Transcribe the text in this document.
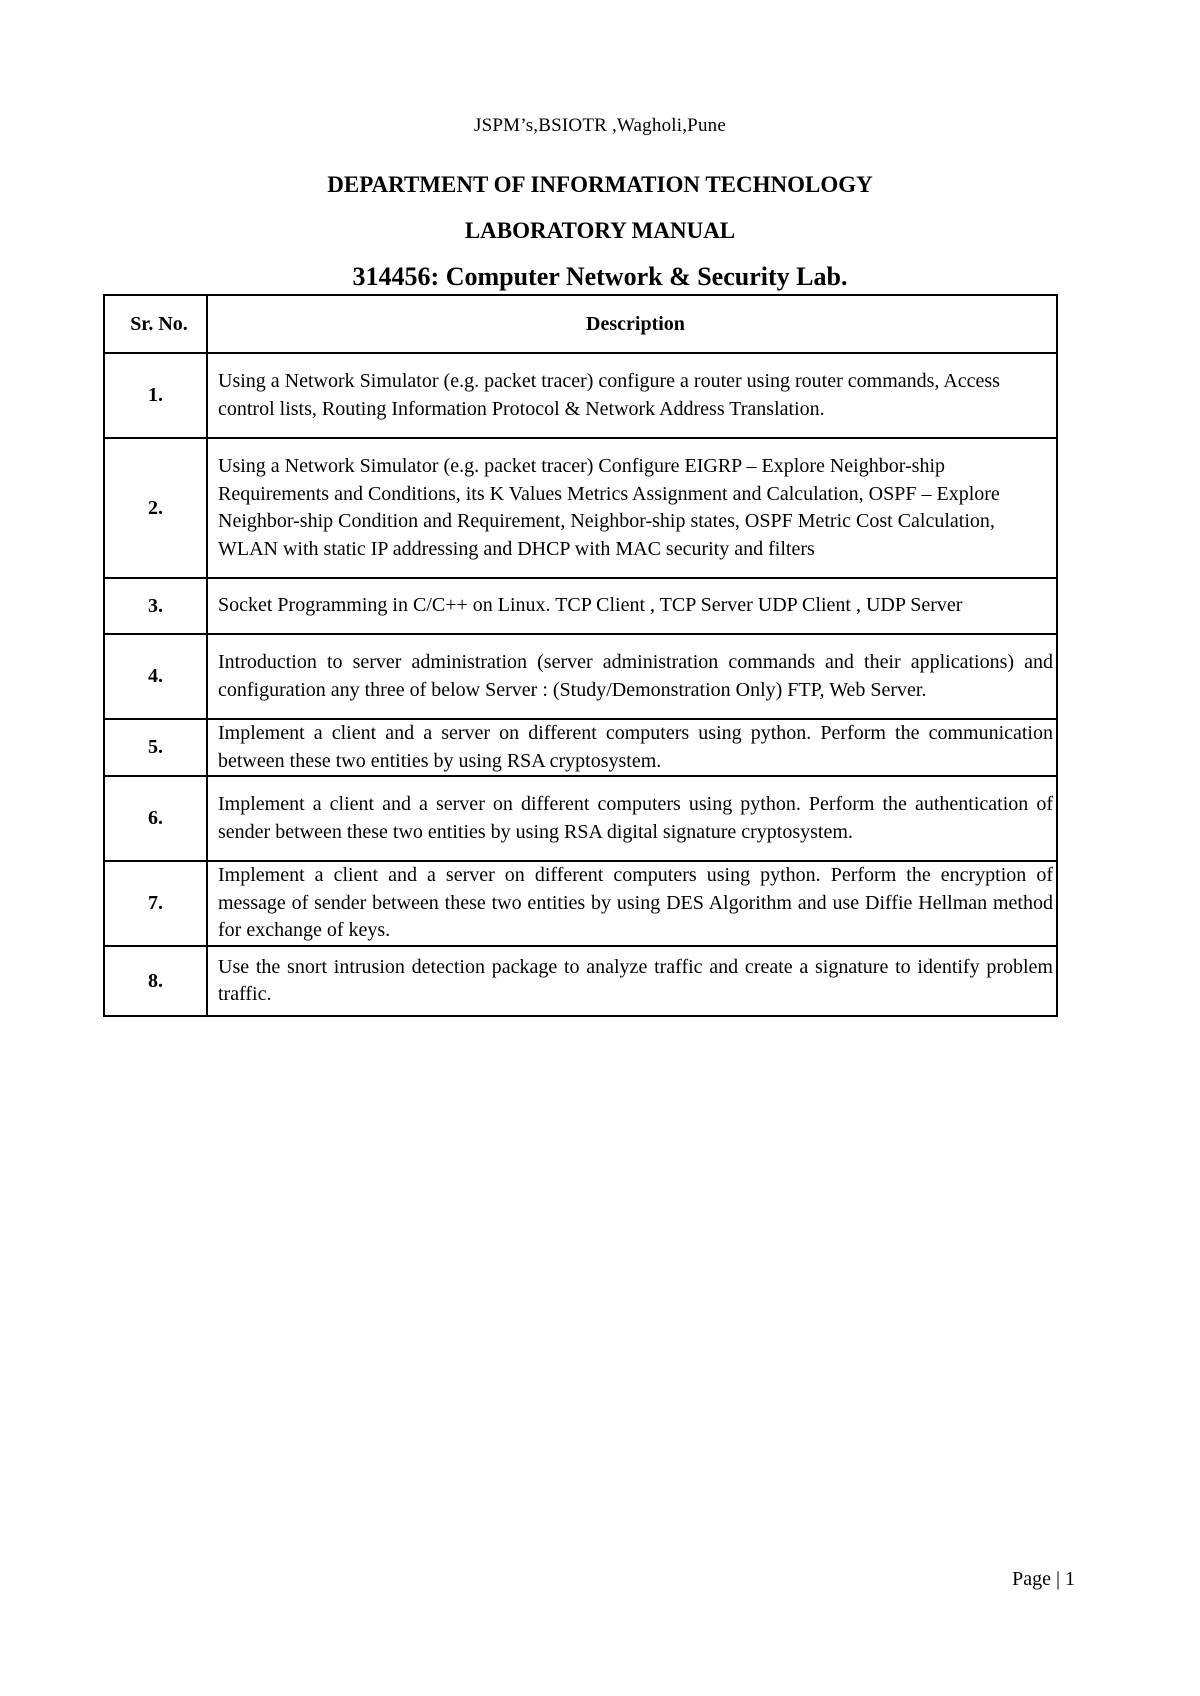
JSPM’s,BSIOTR ,Wagholi,Pune
DEPARTMENT OF INFORMATION TECHNOLOGY
LABORATORY MANUAL
314456: Computer Network & Security Lab.
Sr. No.	Description
1.	Using a Network Simulator (e.g. packet tracer) configure a router using router commands, Access control lists, Routing Information Protocol & Network Address Translation.
2.	Using a Network Simulator (e.g. packet tracer) Configure EIGRP – Explore Neighbor-ship Requirements and Conditions, its K Values Metrics Assignment and Calculation, OSPF – Explore Neighbor-ship Condition and Requirement, Neighbor-ship states, OSPF Metric Cost Calculation, WLAN with static IP addressing and DHCP with MAC security and filters
3.	Socket Programming in C/C++ on Linux. TCP Client , TCP Server UDP Client , UDP Server
4.	Introduction to server administration (server administration commands and their applications) and configuration any three of below Server : (Study/Demonstration Only) FTP, Web Server.
5.	Implement a client and a server on different computers using python. Perform the communication between these two entities by using RSA cryptosystem.
6.	Implement a client and a server on different computers using python. Perform the authentication of sender between these two entities by using RSA digital signature cryptosystem.
7.	Implement a client and a server on different computers using python. Perform the encryption of message of sender between these two entities by using DES Algorithm and use Diffie Hellman method for exchange of keys.
8.	Use the snort intrusion detection package to analyze traffic and create a signature to identify problem traffic.
Page | 1
